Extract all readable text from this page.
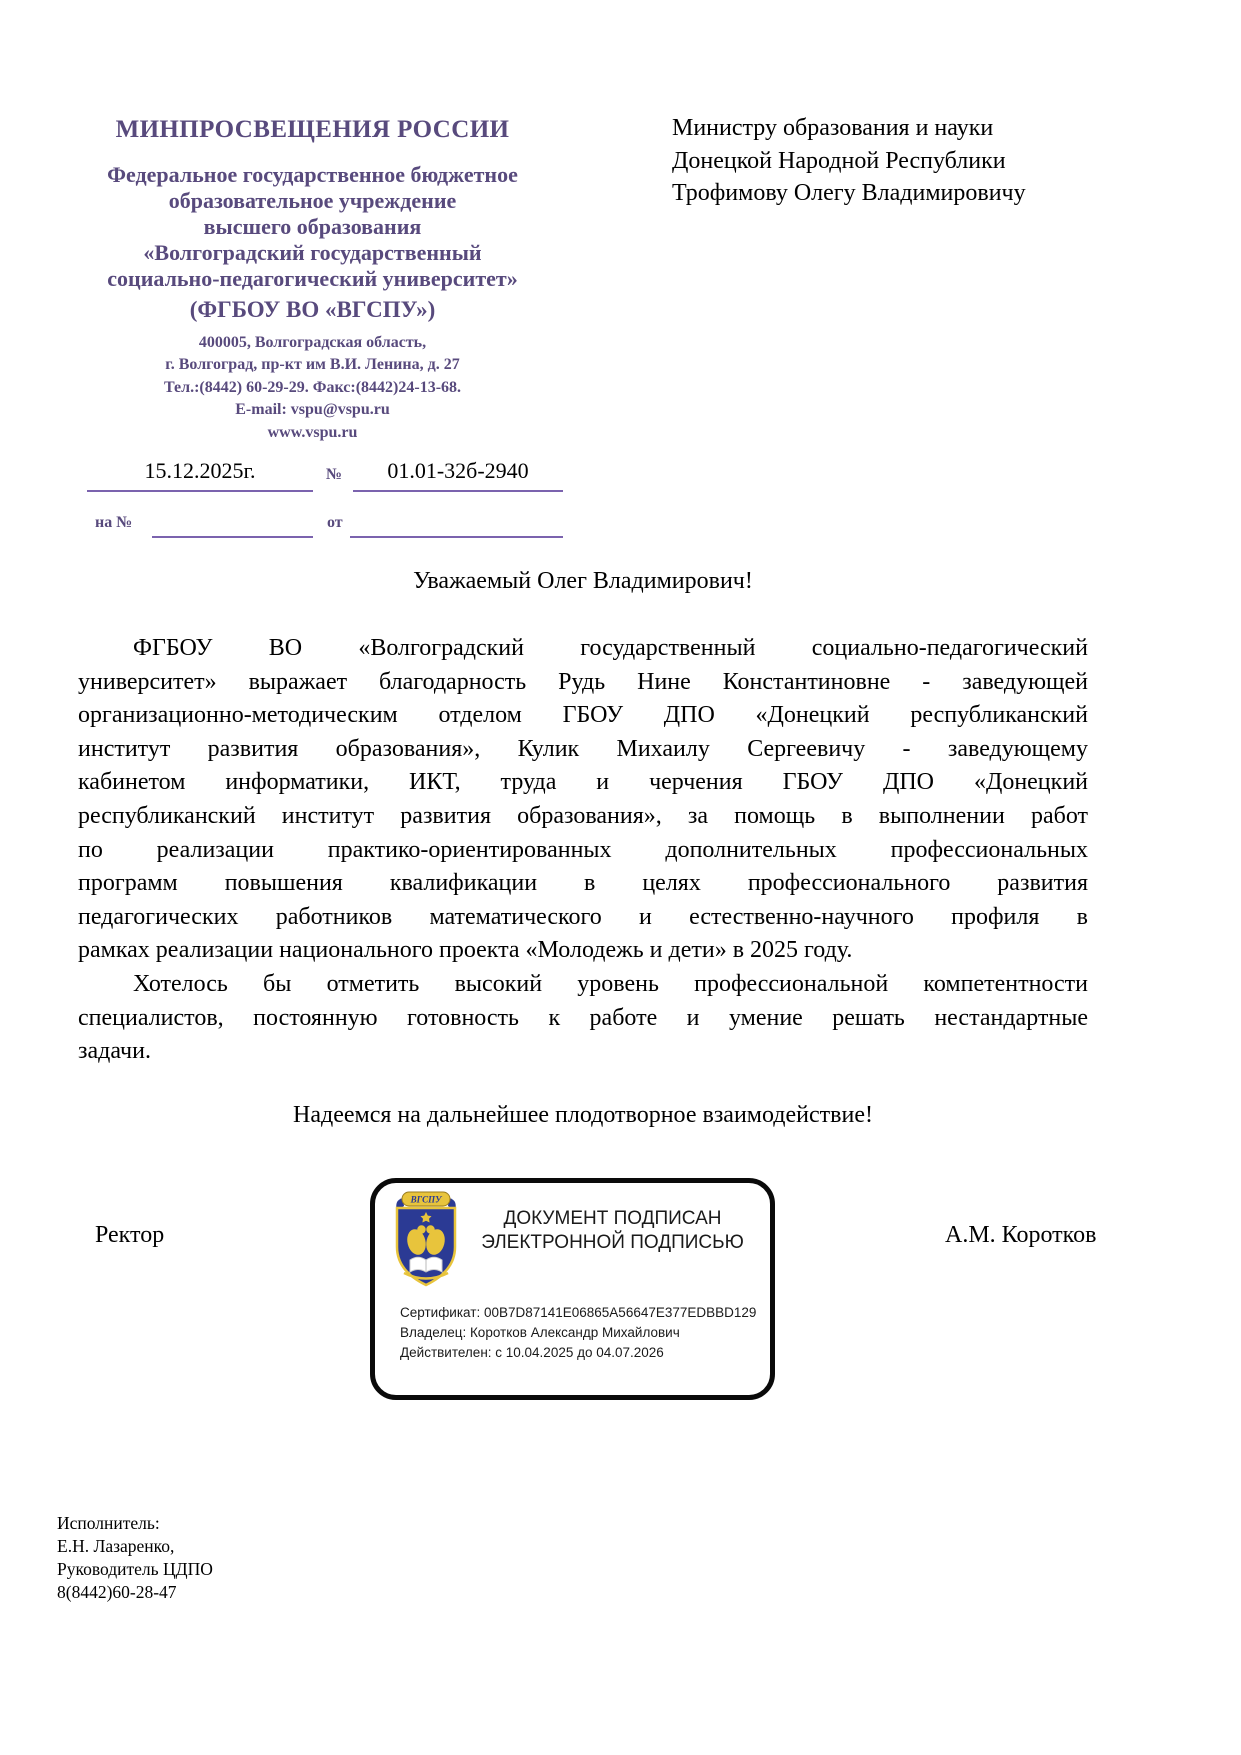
МИНПРОСВЕЩЕНИЯ РОССИИ
Федеральное государственное бюджетное
образовательное учреждение
высшего образования
«Волгоградский государственный
социально-педагогический университет»
(ФГБОУ ВО «ВГСПУ»)
400005, Волгоградская область,
г. Волгоград, пр-кт им В.И. Ленина, д. 27
Тел.:(8442) 60-29-29. Факс:(8442)24-13-68.
E-mail: vspu@vspu.ru
www.vspu.ru
Министру образования и науки
Донецкой Народной Республики
Трофимову Олегу Владимировичу
15.12.2025г.	№	01.01-32б-2940
на №	от
Уважаемый Олег Владимирович!
ФГБОУ ВО «Волгоградский государственный социально-педагогический
университет» выражает благодарность Рудь Нине Константиновне - заведующей
организационно-методическим отделом ГБОУ ДПО «Донецкий республиканский
институт развития образования», Кулик Михаилу Сергеевичу - заведующему
кабинетом информатики, ИКТ, труда и черчения ГБОУ ДПО «Донецкий
республиканский институт развития образования», за помощь в выполнении работ
по реализации практико-ориентированных дополнительных профессиональных
программ повышения квалификации в целях профессионального развития
педагогических работников математического и естественно-научного профиля в
рамках реализации национального проекта «Молодежь и дети» в 2025 году.
Хотелось бы отметить высокий уровень профессиональной компетентности
специалистов, постоянную готовность к работе и умение решать нестандартные
задачи.
Надеемся на дальнейшее плодотворное взаимодействие!
Ректор	А.М. Коротков
ВГСПУ
ДОКУМЕНТ ПОДПИСАН
ЭЛЕКТРОННОЙ ПОДПИСЬЮ
Сертификат: 00B7D87141E06865A56647E377EDBBD129
Владелец: Коротков Александр Михайлович
Действителен: с 10.04.2025 до 04.07.2026
Исполнитель:
Е.Н. Лазаренко,
Руководитель ЦДПО
8(8442)60-28-47
